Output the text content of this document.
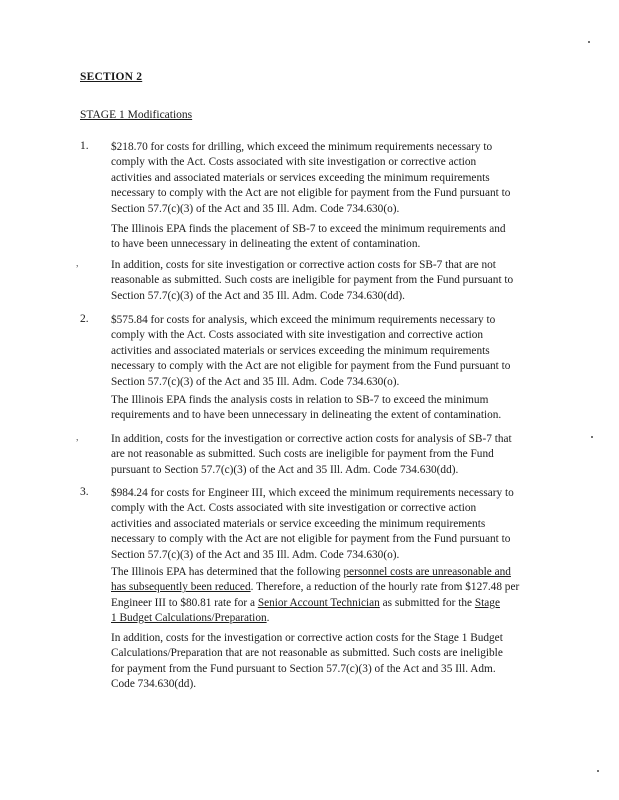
SECTION 2
STAGE 1 Modifications
1. $218.70 for costs for drilling, which exceed the minimum requirements necessary to
comply with the Act. Costs associated with site investigation or corrective action
activities and associated materials or services exceeding the minimum requirements
necessary to comply with the Act are not eligible for payment from the Fund pursuant to
Section 57.7(c)(3) of the Act and 35 Ill. Adm. Code 734.630(o).
The Illinois EPA finds the placement of SB-7 to exceed the minimum requirements and
to have been unnecessary in delineating the extent of contamination.
,	In addition, costs for site investigation or corrective action costs for SB-7 that are not
reasonable as submitted. Such costs are ineligible for payment from the Fund pursuant to
Section 57.7(c)(3) of the Act and 35 Ill. Adm. Code 734.630(dd).
2. $575.84 for costs for analysis, which exceed the minimum requirements necessary to
comply with the Act. Costs associated with site investigation and corrective action
activities and associated materials or services exceeding the minimum requirements
necessary to comply with the Act are not eligible for payment from the Fund pursuant to
Section 57.7(c)(3) of the Act and 35 Ill. Adm. Code 734.630(o).
The Illinois EPA finds the analysis costs in relation to SB-7 to exceed the minimum
requirements and to have been unnecessary in delineating the extent of contamination.
,	In addition, costs for the investigation or corrective action costs for analysis of SB-7 that
are not reasonable as submitted. Such costs are ineligible for payment from the Fund
pursuant to Section 57.7(c)(3) of the Act and 35 Ill. Adm. Code 734.630(dd).
3. $984.24 for costs for Engineer III, which exceed the minimum requirements necessary to
comply with the Act. Costs associated with site investigation or corrective action
activities and associated materials or service exceeding the minimum requirements
necessary to comply with the Act are not eligible for payment from the Fund pursuant to
Section 57.7(c)(3) of the Act and 35 Ill. Adm. Code 734.630(o).
The Illinois EPA has determined that the following personnel costs are unreasonable and
has subsequently been reduced. Therefore, a reduction of the hourly rate from $127.48 per
Engineer III to $80.81 rate for a Senior Account Technician as submitted for the Stage
1 Budget Calculations/Preparation.
In addition, costs for the investigation or corrective action costs for the Stage 1 Budget
Calculations/Preparation that are not reasonable as submitted. Such costs are ineligible
for payment from the Fund pursuant to Section 57.7(c)(3) of the Act and 35 Ill. Adm.
Code 734.630(dd).
